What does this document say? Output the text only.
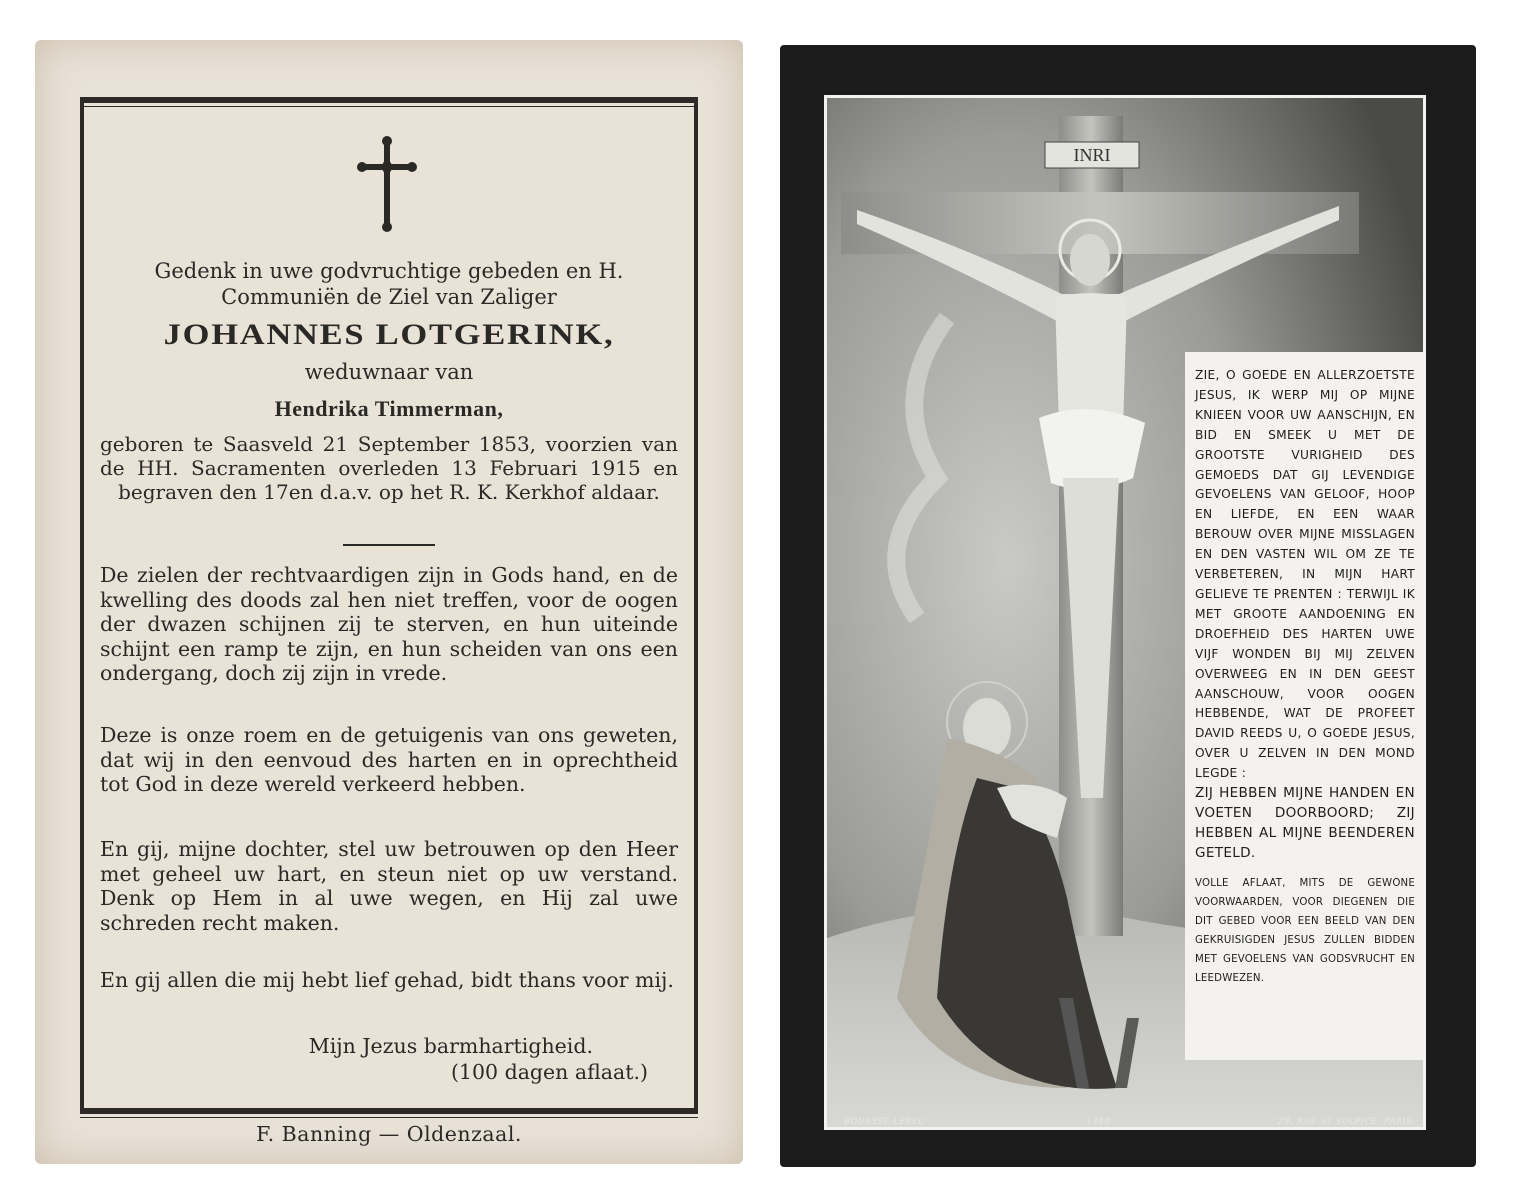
Gedenk in uwe godvruchtige gebeden en H. Communiën de Ziel van Zaliger
JOHANNES LOTGERINK,
weduwnaar van
Hendrika Timmerman,
geboren te Saasveld 21 September 1853, voorzien van de HH. Sacramenten overleden 13 Februari 1915 en begraven den 17en d.a.v. op het R. K. Kerkhof aldaar.
De zielen der rechtvaardigen zijn in Gods hand, en de kwelling des doods zal hen niet treffen, voor de oogen der dwazen schijnen zij te sterven, en hun uiteinde schijnt een ramp te zijn, en hun scheiden van ons een ondergang, doch zij zijn in vrede.
Deze is onze roem en de getuigenis van ons geweten, dat wij in den eenvoud des harten en in oprechtheid tot God in deze wereld verkeerd hebben.
En gij, mijne dochter, stel uw betrouwen op den Heer met geheel uw hart, en steun niet op uw verstand. Denk op Hem in al uwe wegen, en Hij zal uwe schreden recht maken.
En gij allen die mij hebt lief gehad, bidt thans voor mij.
Mijn Jezus barmhartigheid.
(100 dagen aflaat.)
F. Banning — Oldenzaal.
INRI

ZIE, O GOEDE EN ALLERZOETSTE JESUS, IK WERP MIJ OP MIJNE KNIEEN VOOR UW AANSCHIJN, EN BID EN SMEEK U MET DE GROOTSTE VURIGHEID DES GEMOEDS DAT GIJ LEVENDIGE GEVOELENS VAN GELOOF, HOOP EN LIEFDE, EN EEN WAAR BEROUW OVER MIJNE MISSLAGEN EN DEN VASTEN WIL OM ZE TE VERBETEREN, IN MIJN HART GELIEVE TE PRENTEN : TERWIJL IK MET GROOTE AANDOENING EN DROEFHEID DES HARTEN UWE VIJF WONDEN BIJ MIJ ZELVEN OVERWEEG EN IN DEN GEEST AANSCHOUW, VOOR OOGEN HEBBENDE, WAT DE PROFEET DAVID REEDS U, O GOEDE JESUS, OVER U ZELVEN IN DEN MOND LEGDE :

ZIJ HEBBEN MIJNE HANDEN EN VOETEN DOORBOORD; ZIJ HEBBEN AL MIJNE BEENDEREN GETELD.

VOLLE AFLAAT, MITS DE GEWONE VOORWAARDEN, VOOR DIEGENEN DIE DIT GEBED VOOR EEN BEELD VAN DEN GEKRUISIGDEN JESUS ZULLEN BIDDEN MET GEVOELENS VAN GODSVRUCHT EN LEEDWEZEN.

BOUASSE-LEBEL	1380.	29, RUE ST SULPICE, PARIS.
